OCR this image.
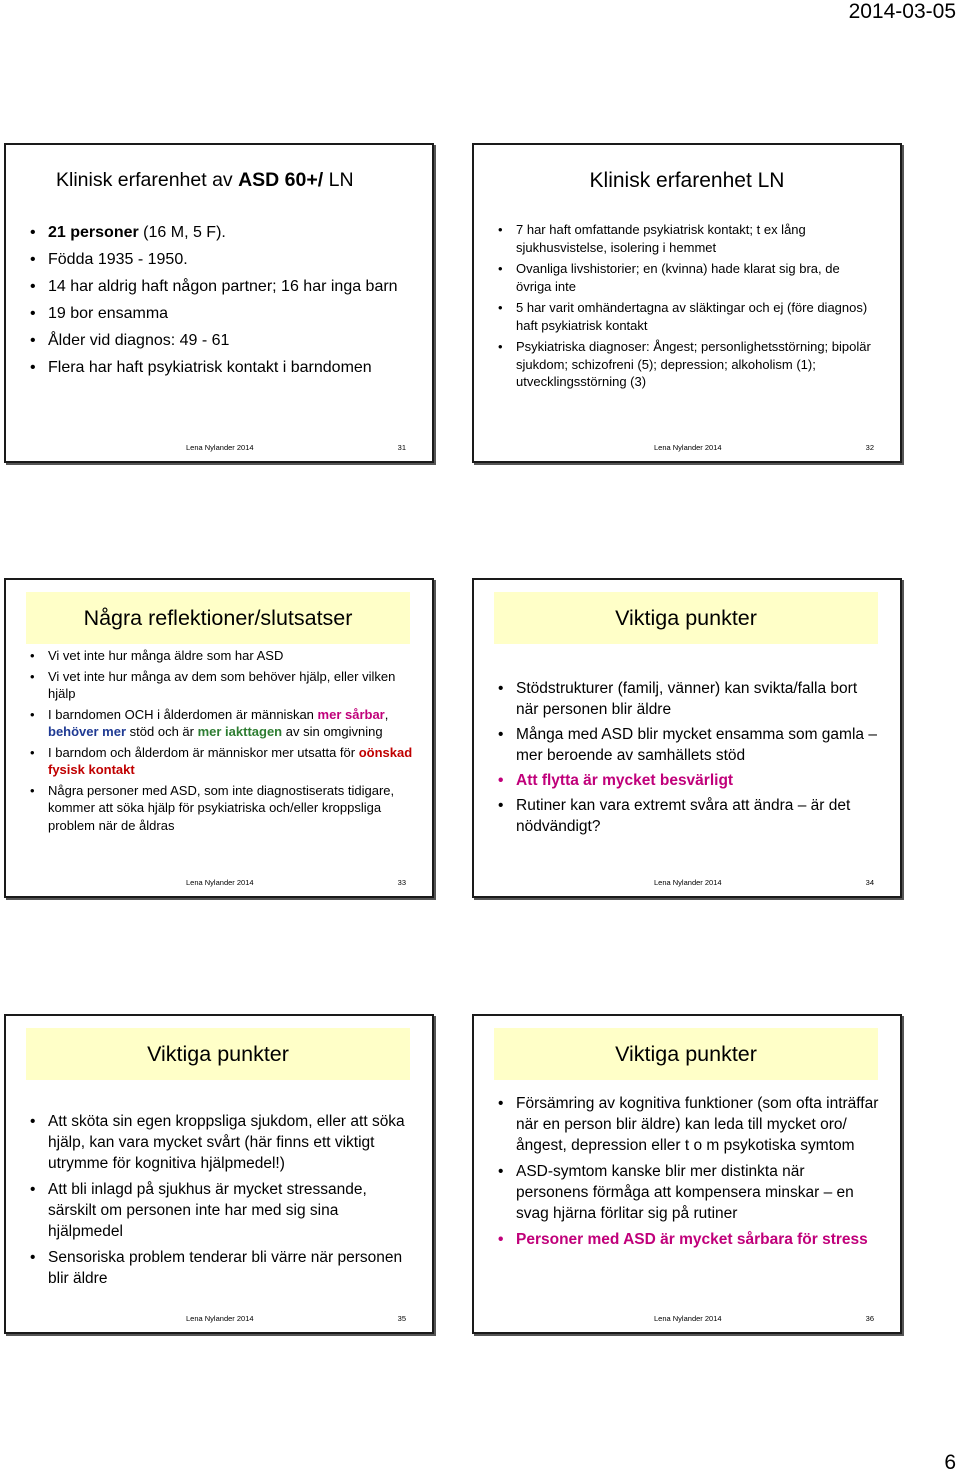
2014-03-05
Klinisk erfarenhet av ASD 60+/ LN
• 21 personer (16 M, 5 F).
• Födda 1935 - 1950.
• 14 har aldrig haft någon partner; 16 har inga barn
• 19 bor ensamma
• Ålder vid diagnos: 49 - 61
• Flera har haft psykiatrisk kontakt i barndomen
Lena Nylander 2014	31
Klinisk erfarenhet LN
• 7 har haft omfattande psykiatrisk kontakt; t ex lång sjukhusvistelse, isolering i hemmet
• Ovanliga livshistorier; en (kvinna) hade klarat sig bra, de övriga inte
• 5 har varit omhändertagna av släktingar och ej (före diagnos) haft psykiatrisk kontakt
• Psykiatriska diagnoser: Ångest; personlighetsstörning; bipolär sjukdom; schizofreni (5); depression; alkoholism (1); utvecklingsstörning (3)
Lena Nylander 2014	32
Några reflektioner/slutsatser
• Vi vet inte hur många äldre som har ASD
• Vi vet inte hur många av dem som behöver hjälp, eller vilken hjälp
• I barndomen OCH i ålderdomen är människan mer sårbar, behöver mer stöd och är mer iakttagen av sin omgivning
• I barndom och ålderdom är människor mer utsatta för oönskad fysisk kontakt
• Några personer med ASD, som inte diagnostiserats tidigare, kommer att söka hjälp för psykiatriska och/eller kroppsliga problem när de åldras
Lena Nylander 2014	33
Viktiga punkter
• Stödstrukturer (familj, vänner) kan svikta/falla bort när personen blir äldre
• Många med ASD blir mycket ensamma som gamla – mer beroende av samhällets stöd
• Att flytta är mycket besvärligt
• Rutiner kan vara extremt svåra att ändra – är det nödvändigt?
Lena Nylander 2014	34
Viktiga punkter
• Att sköta sin egen kroppsliga sjukdom, eller att söka hjälp, kan vara mycket svårt (här finns ett viktigt utrymme för kognitiva hjälpmedel!)
• Att bli inlagd på sjukhus är mycket stressande, särskilt om personen inte har med sig sina hjälpmedel
• Sensoriska problem tenderar bli värre när personen blir äldre
Lena Nylander 2014	35
Viktiga punkter
• Försämring av kognitiva funktioner (som ofta inträffar när en person blir äldre) kan leda till mycket oro/ångest, depression eller t o m psykotiska symtom
• ASD-symtom kanske blir mer distinkta när personens förmåga att kompensera minskar – en svag hjärna förlitar sig på rutiner
• Personer med ASD är mycket sårbara för stress
Lena Nylander 2014	36
6
